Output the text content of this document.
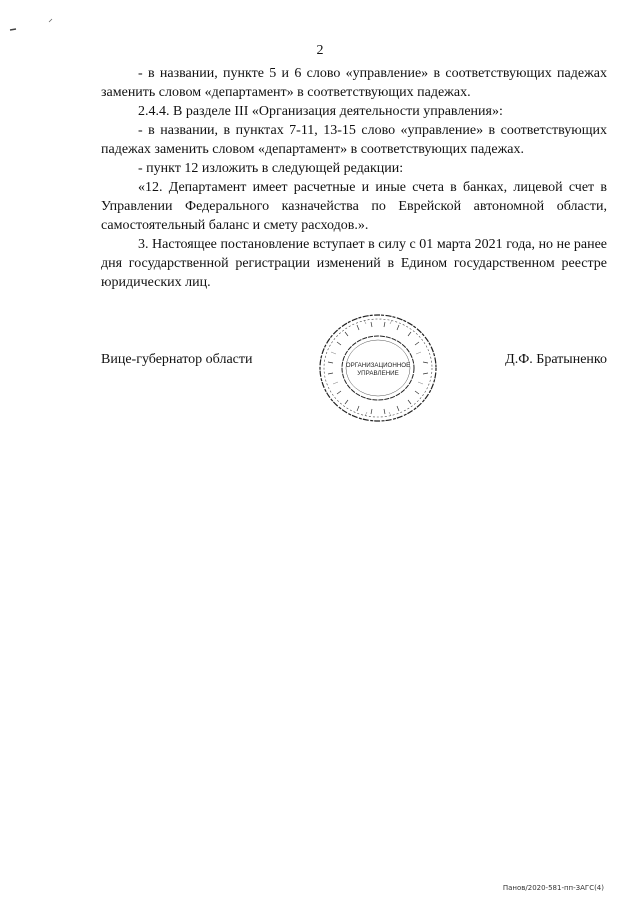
2

- в названии, пункте 5 и 6 слово «управление» в соответствующих падежах заменить словом «департамент» в соответствующих падежах.

2.4.4. В разделе III «Организация деятельности управления»:

- в названии, в пунктах 7-11, 13-15 слово «управление» в соответствующих падежах заменить словом «департамент» в соответствующих падежах.

- пункт 12 изложить в следующей редакции:

«12. Департамент имеет расчетные и иные счета в банках, лицевой счет в Управлении Федерального казначейства по Еврейской автономной области, самостоятельный баланс и смету расходов.».

3. Настоящее постановление вступает в силу с 01 марта 2021 года, но не ранее дня государственной регистрации изменений в Едином государственном реестре юридических лиц.

Вице-губернатор области	Д.Ф. Братыненко
ОРГАНИЗАЦИОННОЕ
УПРАВЛЕНИЕ
Панов/2020-581-пп-ЗАГС(4)
